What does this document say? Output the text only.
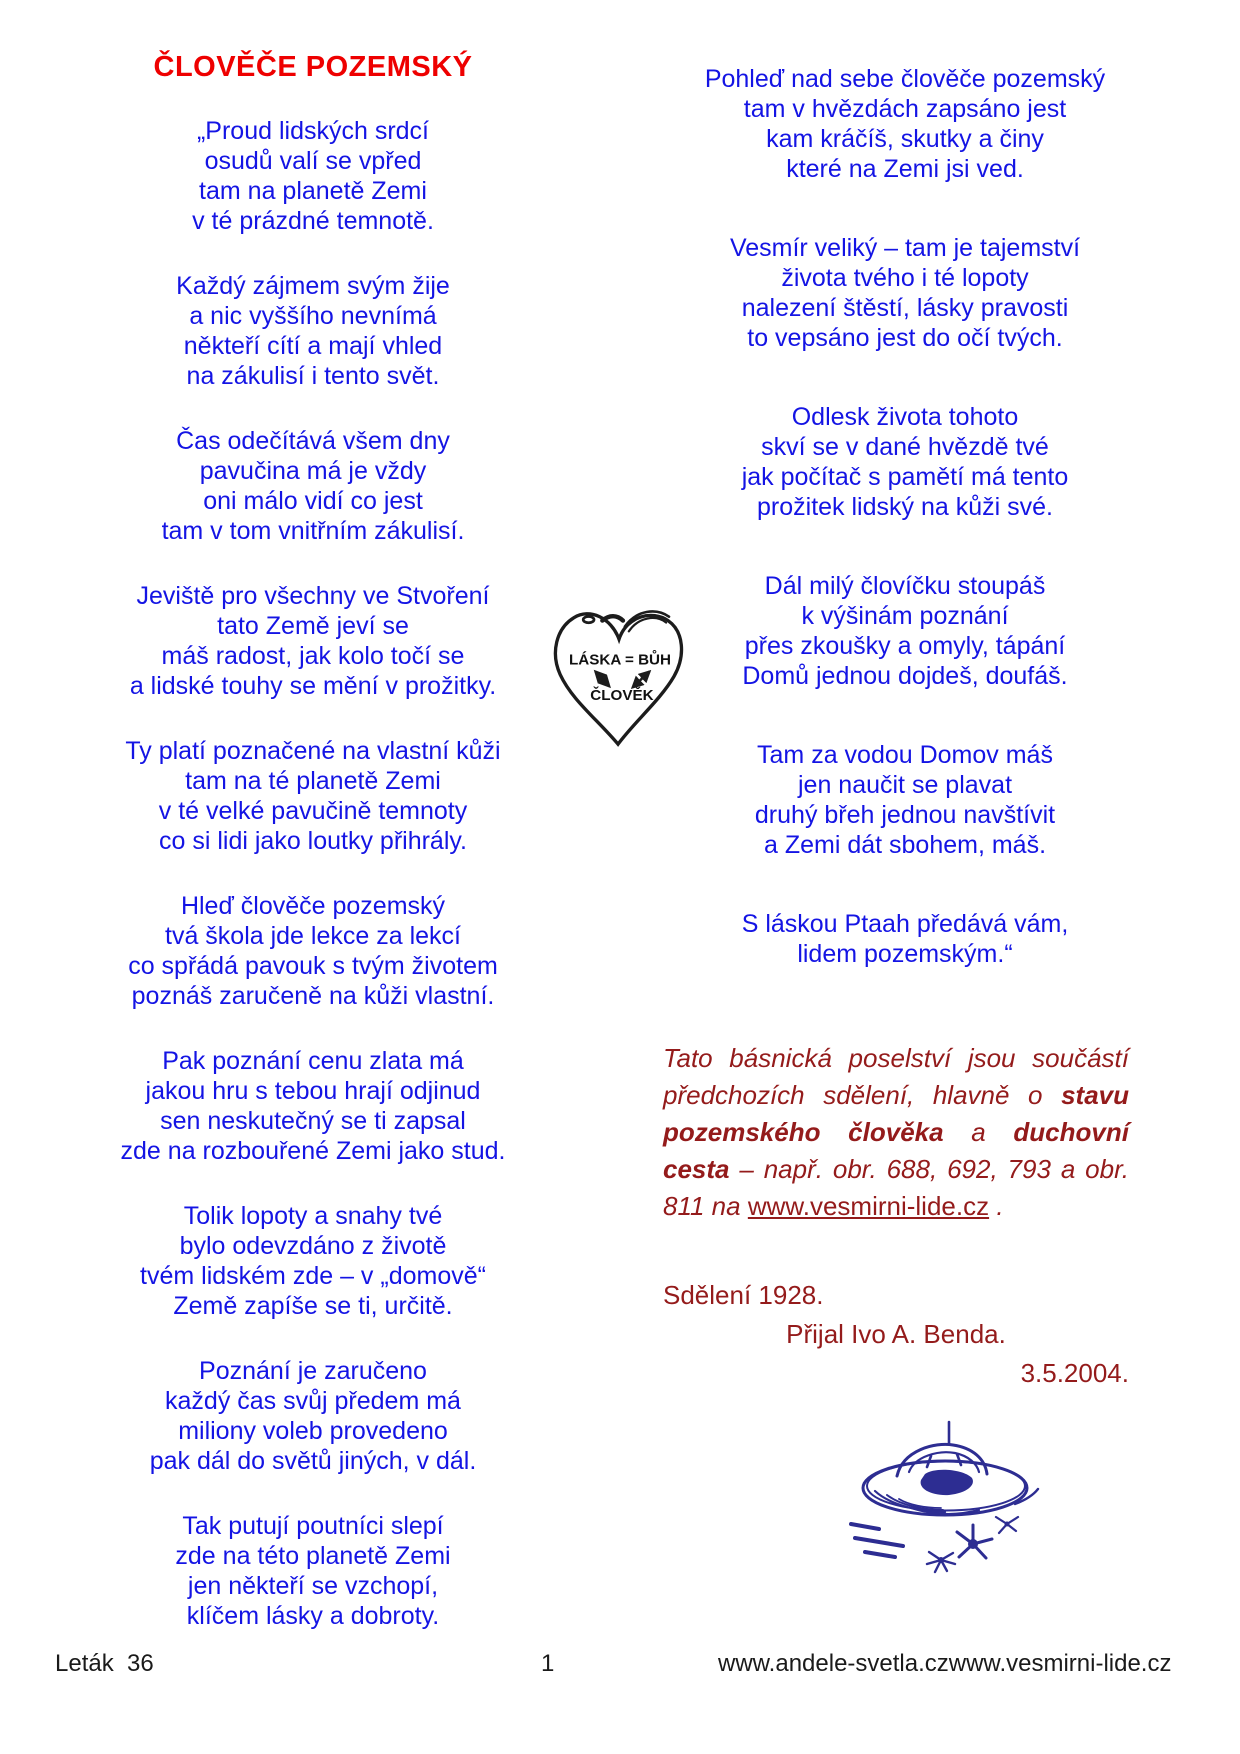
ČLOVĚČE POZEMSKÝ

„Proud lidských srdcí
osudů valí se vpřed
tam na planetě Zemi
v té prázdné temnotě.

Každý zájmem svým žije
a nic vyššího nevnímá
někteří cítí a mají vhled
na zákulisí i tento svět.

Čas odečítává všem dny
pavučina má je vždy
oni málo vidí co jest
tam v tom vnitřním zákulisí.

Jeviště pro všechny ve Stvoření
tato Země jeví se
máš radost, jak kolo točí se
a lidské touhy se mění v prožitky.

Ty platí poznačené na vlastní kůži
tam na té planetě Zemi
v té velké pavučině temnoty
co si lidi jako loutky přihrály.

Hleď člověče pozemský
tvá škola jde lekce za lekcí
co spřádá pavouk s tvým životem
poznáš zaručeně na kůži vlastní.

Pak poznání cenu zlata má
jakou hru s tebou hrají odjinud
sen neskutečný se ti zapsal
zde na rozbouřené Zemi jako stud.

Tolik lopoty a snahy tvé
bylo odevzdáno z životě
tvém lidském zde – v „domově“
Země zapíše se ti, určitě.

Poznání je zaručeno
každý čas svůj předem má
miliony voleb provedeno
pak dál do světů jiných, v dál.

Tak putují poutníci slepí
zde na této planetě Zemi
jen někteří se vzchopí,
klíčem lásky a dobroty.

Pohleď nad sebe člověče pozemský
tam v hvězdách zapsáno jest
kam kráčíš, skutky a činy
které na Zemi jsi ved.

Vesmír veliký – tam je tajemství
života tvého i té lopoty
nalezení štěstí, lásky pravosti
to vepsáno jest do očí tvých.

Odlesk života tohoto
skví se v dané hvězdě tvé
jak počítač s pamětí má tento
prožitek lidský na kůži své.

Dál milý človíčku stoupáš
k výšinám poznání
přes zkoušky a omyly, tápání
Domů jednou dojdeš, doufáš.

Tam za vodou Domov máš
jen naučit se plavat
druhý břeh jednou navštívit
a Zemi dát sbohem, máš.

S láskou Ptaah předává vám,
lidem pozemským.“

LÁSKA = BŮH
ČLOVĚK

Tato básnická poselství jsou součástí předchozích sdělení, hlavně o stavu pozemského člověka a duchovní cesta – např. obr. 688, 692, 793 a obr. 811 na www.vesmirni-lide.cz .

Sdělení 1928.
Přijal Ivo A. Benda.
3.5.2004.
Leták  36	1	www.andele-svetla.cz www.vesmirni-lide.cz
